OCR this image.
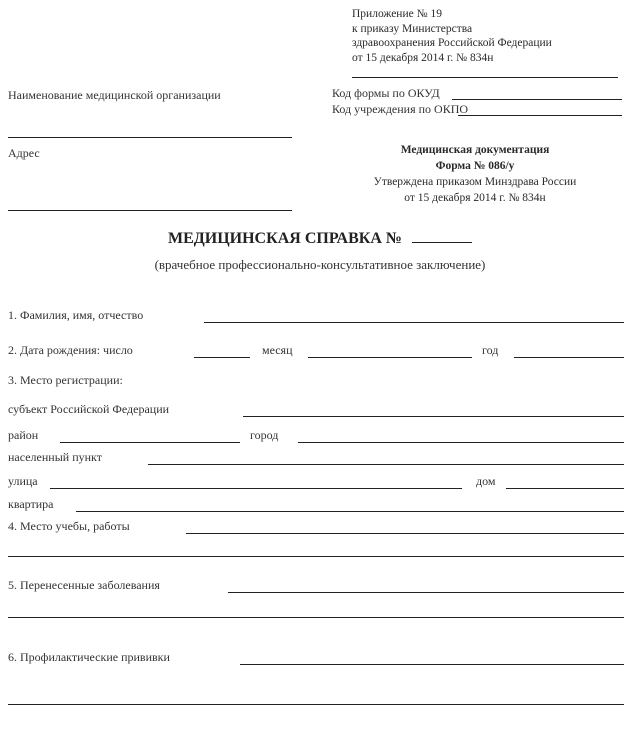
Приложение № 19
к приказу Министерства
здравоохранения Российской Федерации
от 15 декабря 2014 г. № 834н
Наименование медицинской организации	Код формы по ОКУД
Код учреждения по ОКПО
Адрес	Медицинская документация
Форма № 086/у
Утверждена приказом Минздрава России
от 15 декабря 2014 г. № 834н
МЕДИЦИНСКАЯ СПРАВКА №
(врачебное профессионально-консультативное заключение)
1. Фамилия, имя, отчество
2. Дата рождения: число	месяц	год
3. Место регистрации:
субъект Российской Федерации
район	город
населенный пункт
улица	дом
квартира
4. Место учебы, работы
5. Перенесенные заболевания
6. Профилактические прививки
